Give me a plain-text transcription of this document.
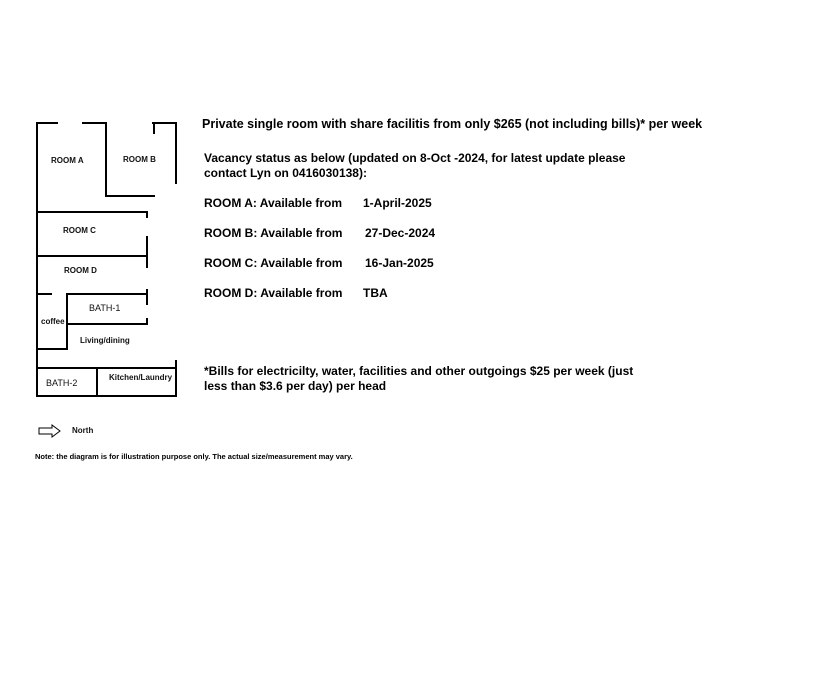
ROOM A	ROOM B
ROOM C
ROOM D
BATH-1
coffee
Living/dining
BATH-2
Kitchen/Laundry
North
Note: the diagram is for illustration purpose only. The actual size/measurement may vary.
Private single room with share facilitis from only $265 (not including bills)* per week
Vacancy status as below (updated on 8-Oct -2024, for latest update please
contact Lyn on 0416030138):
ROOM A: Available from 1-April-2025
ROOM B: Available from 27-Dec-2024
ROOM C: Available from 16-Jan-2025
ROOM D: Available from TBA
*Bills for electricilty, water, facilities and other outgoings $25 per week (just
less than $3.6 per day) per head
